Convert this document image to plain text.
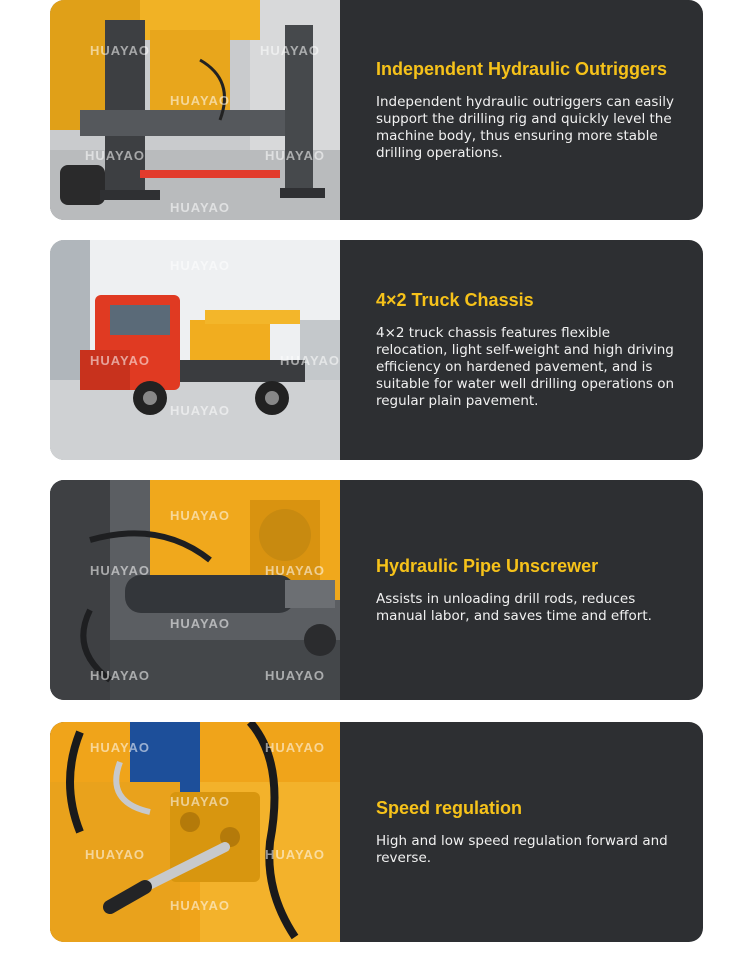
HUAYAO
HUAYAO
HUAYAO	HUAYAO
HUAYAO
HUAYAO
Independent Hydraulic Outriggers

Independent hydraulic outriggers can easily support the drilling rig and quickly level the machine body, thus ensuring more stable drilling operations.

HUAYAO
HUAYAO
HUAYAO
HUAYAO
4×2 Truck Chassis

4×2 truck chassis features flexible relocation, light self-weight and high driving efficiency on hardened pavement, and is suitable for water well drilling operations on regular plain pavement.

HUAYAO
HUAYAO	HUAYAO
HUAYAO
HUAYAO	HUAYAO
Hydraulic Pipe Unscrewer

Assists in unloading drill rods, reduces manual labor, and saves time and effort.

HUAYAO	HUAYAO
HUAYAO
HUAYAO	HUAYAO
HUAYAO
Speed regulation

High and low speed regulation forward and reverse.
